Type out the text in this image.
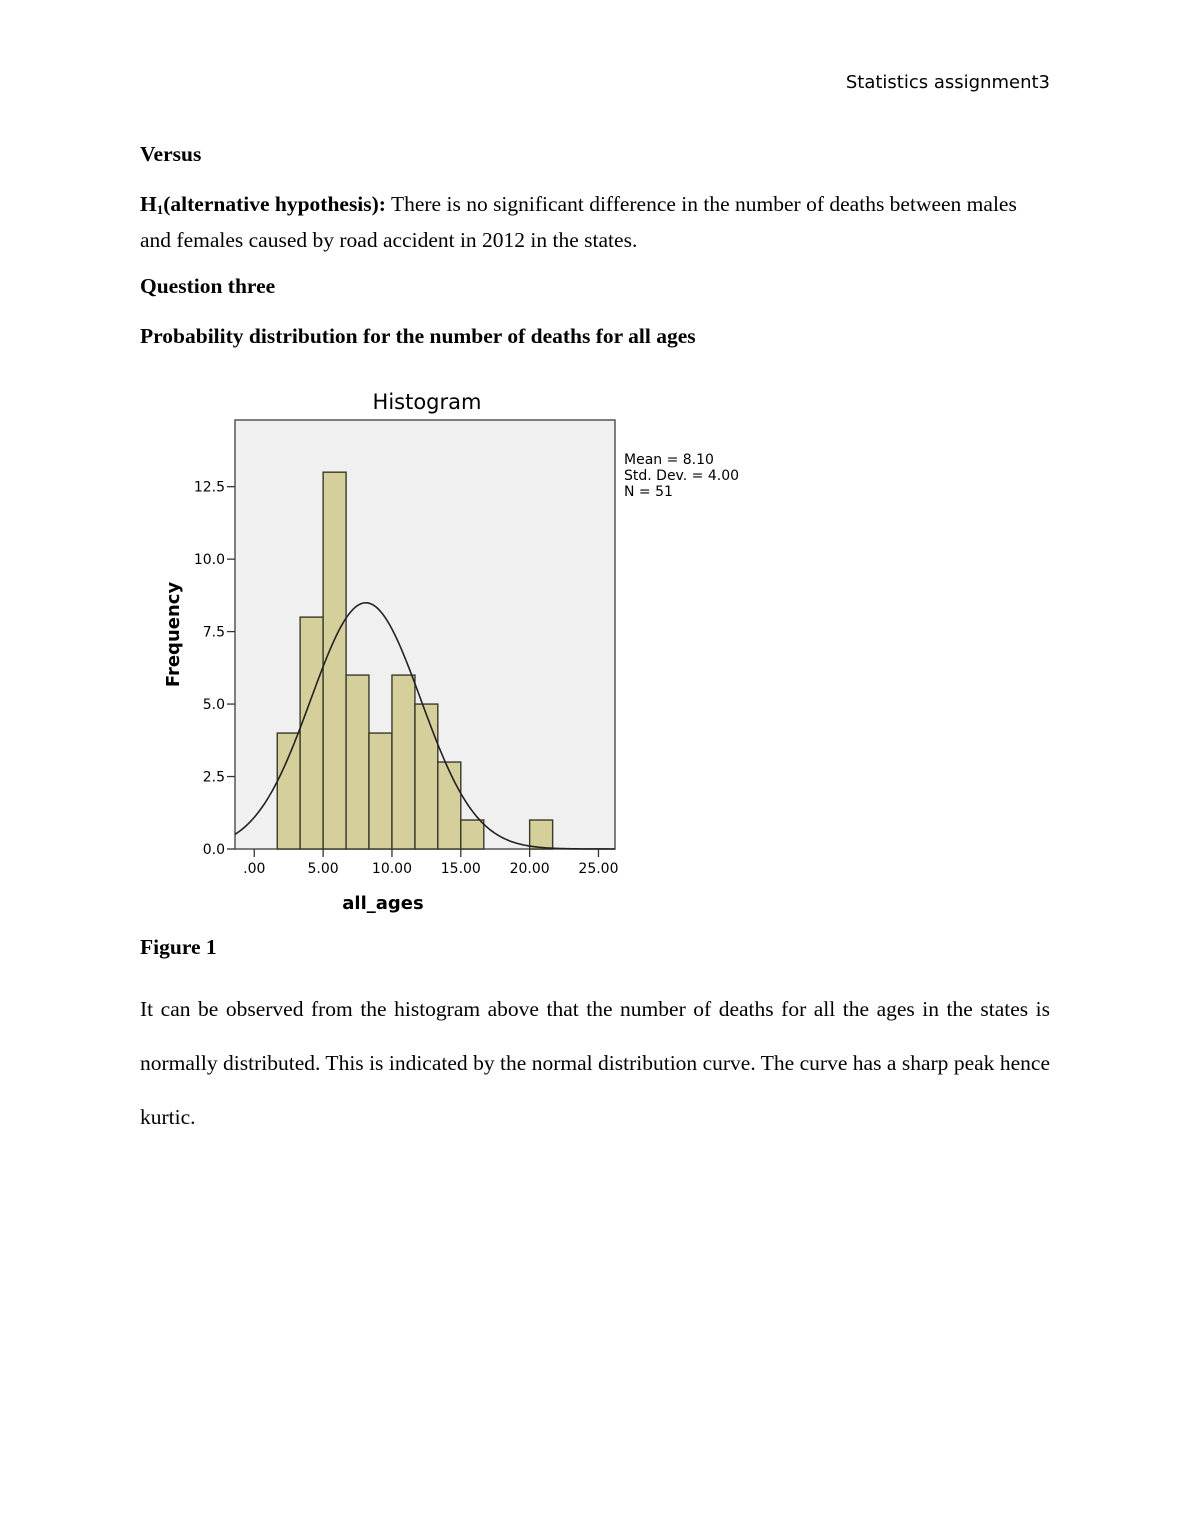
Statistics assignment3
Versus
$H_1(alternative$ hypothesis): There is no significant difference in the number of deaths between males and females caused by road accident in 2012 in the states.
Question three
Probability distribution for the number of deaths for all ages
Histogram
0.0
2.5
5.0
7.5
10.0
12.5
.00	5.00 10.00 15.00 20.00 25.00
Frequency
all_ages
Mean = 8.10
Std. Dev. = 4.00
N = 51
Figure 1
It can be observed from the histogram above that the number of deaths for all the ages in the states is normally distributed. This is indicated by the normal distribution curve. The curve has a sharp peak hence kurtic.
